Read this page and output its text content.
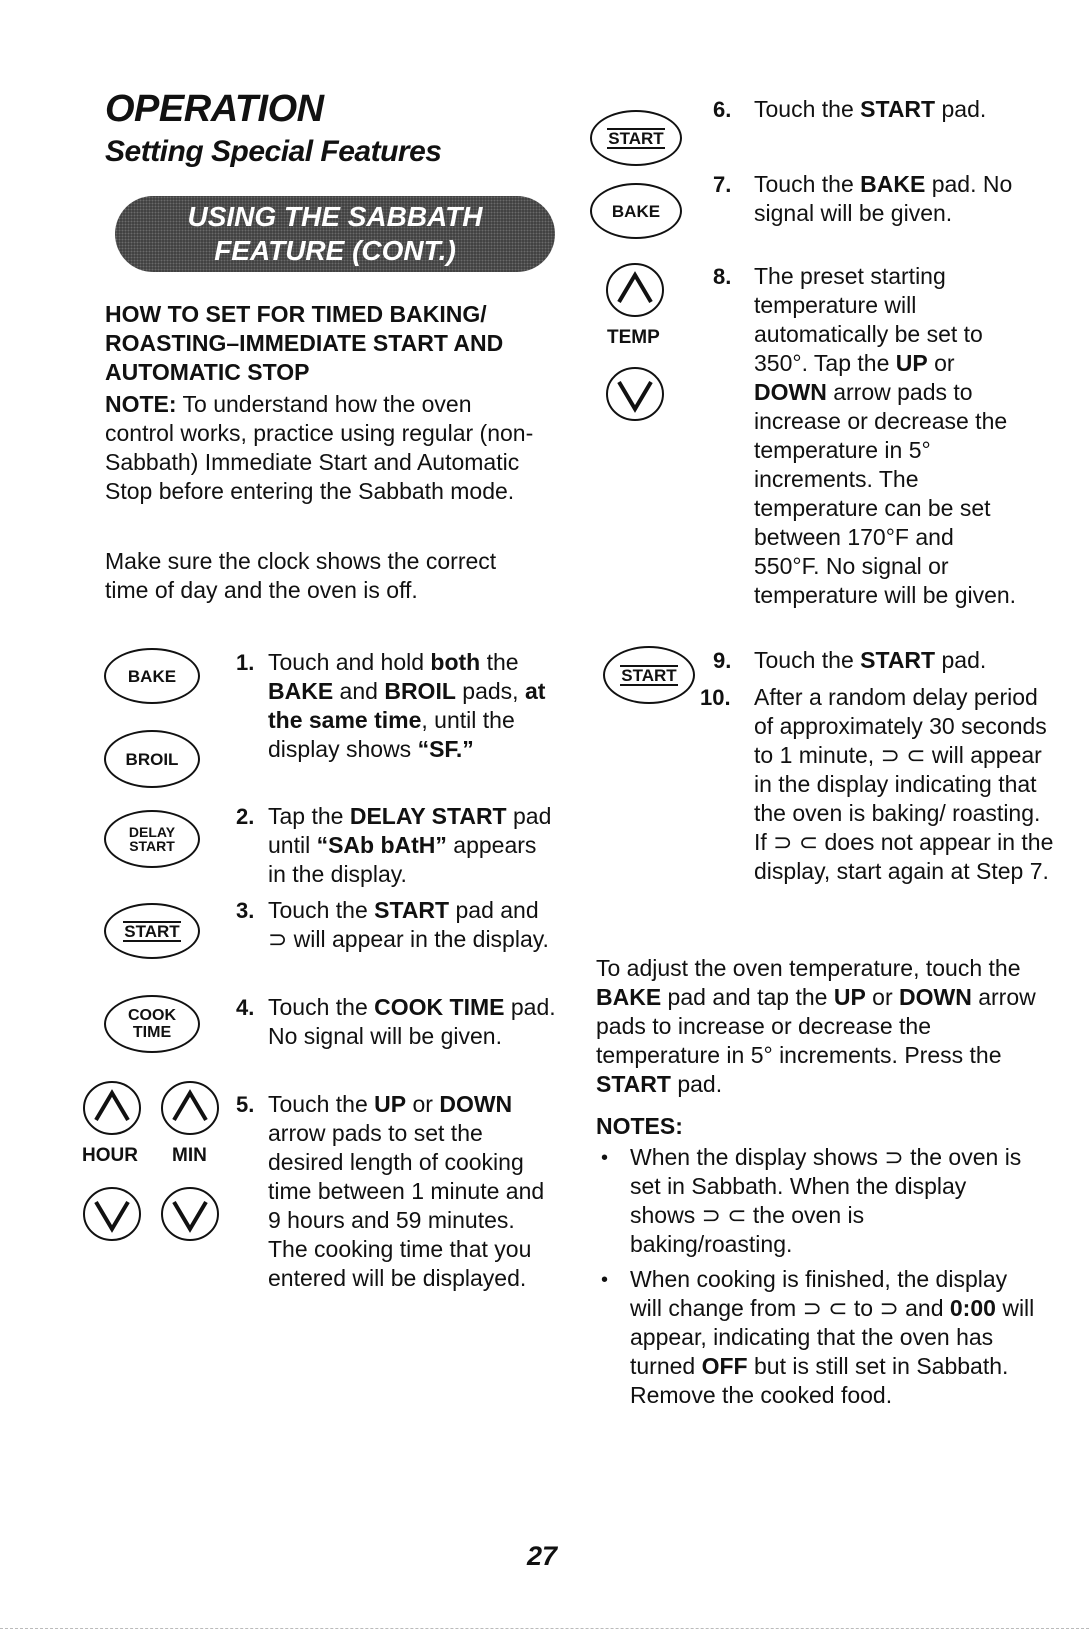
OPERATION
Setting Special Features
USING THE SABBATH
FEATURE (CONT.)
HOW TO SET FOR TIMED BAKING/ ROASTING–IMMEDIATE START AND AUTOMATIC STOP
NOTE: To understand how the oven control works, practice using regular (non-Sabbath) Immediate Start and Automatic Stop before entering the Sabbath mode.
Make sure the clock shows the correct time of day and the oven is off.
BAKE
BROIL
DELAY
START
START
COOK
TIME
HOUR MIN
1. Touch and hold both the BAKE and BROIL pads, at the same time, until the display shows “SF.”
2. Tap the DELAY START pad until “SAb bAtH” appears in the display.
3. Touch the START pad and ⊃ will appear in the display.
4. Touch the COOK TIME pad. No signal will be given.
5. Touch the UP or DOWN arrow pads to set the desired length of cooking time between 1 minute and 9 hours and 59 minutes. The cooking time that you entered will be displayed.
START
BAKE
TEMP
START
6. Touch the START pad.
7. Touch the BAKE pad. No signal will be given.
8. The preset starting temperature will automatically be set to 350°. Tap the UP or DOWN arrow pads to increase or decrease the temperature in 5° increments. The temperature can be set between 170°F and 550°F. No signal or temperature will be given.
9. Touch the START pad.
10. After a random delay period of approximately 30 seconds to 1 minute, ⊃ ⊂ will appear in the display indicating that the oven is baking/ roasting. If ⊃ ⊂ does not appear in the display, start again at Step 7.
To adjust the oven temperature, touch the BAKE pad and tap the UP or DOWN arrow pads to increase or decrease the temperature in 5° increments. Press the START pad.
NOTES:
• When the display shows ⊃ the oven is set in Sabbath. When the display shows ⊃ ⊂ the oven is baking/roasting.
• When cooking is finished, the display will change from ⊃ ⊂ to ⊃ and 0:00 will appear, indicating that the oven has turned OFF but is still set in Sabbath. Remove the cooked food.
27
